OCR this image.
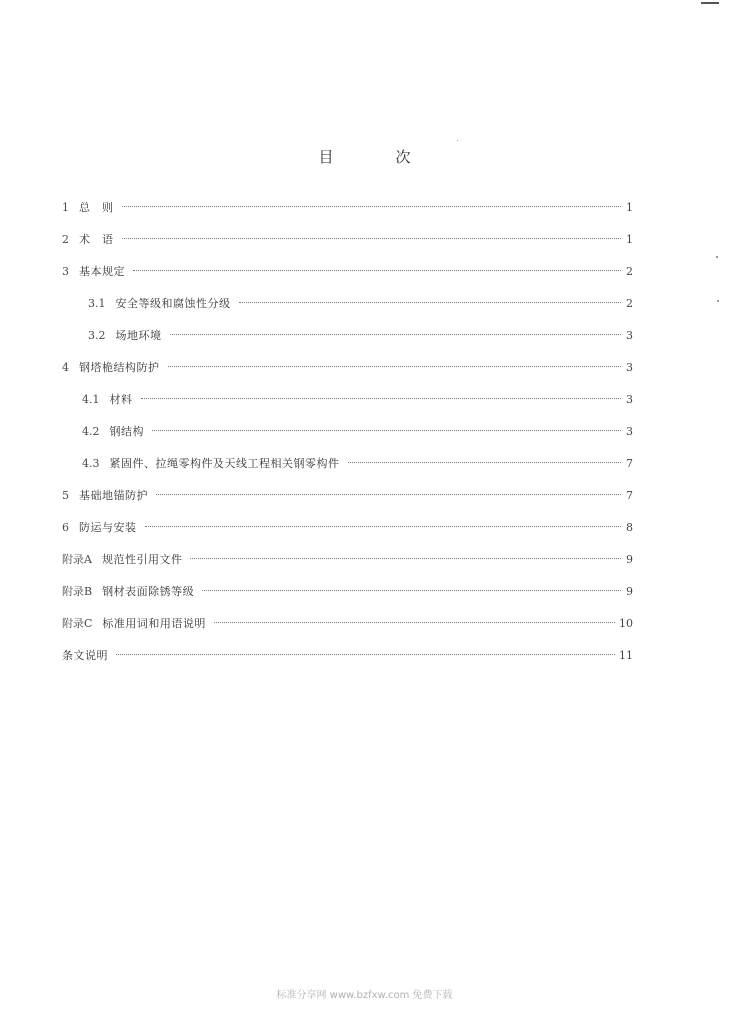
目	次
1 总　则	1
2 术　语	1
3 基本规定	2
3.1 安全等级和腐蚀性分级	2
3.2 场地环境	3
4 钢塔桅结构防护	3
4.1 材料	3
4.2 钢结构	3
4.3 紧固件、拉绳零构件及天线工程相关钢零构件	7
5 基础地锚防护	7
6 防运与安装	8
附录A 规范性引用文件	9
附录B 钢材表面除锈等级	9
附录C 标准用词和用语说明	10
条文说明	11
标准分享网 www.bzfxw.com 免费下载
